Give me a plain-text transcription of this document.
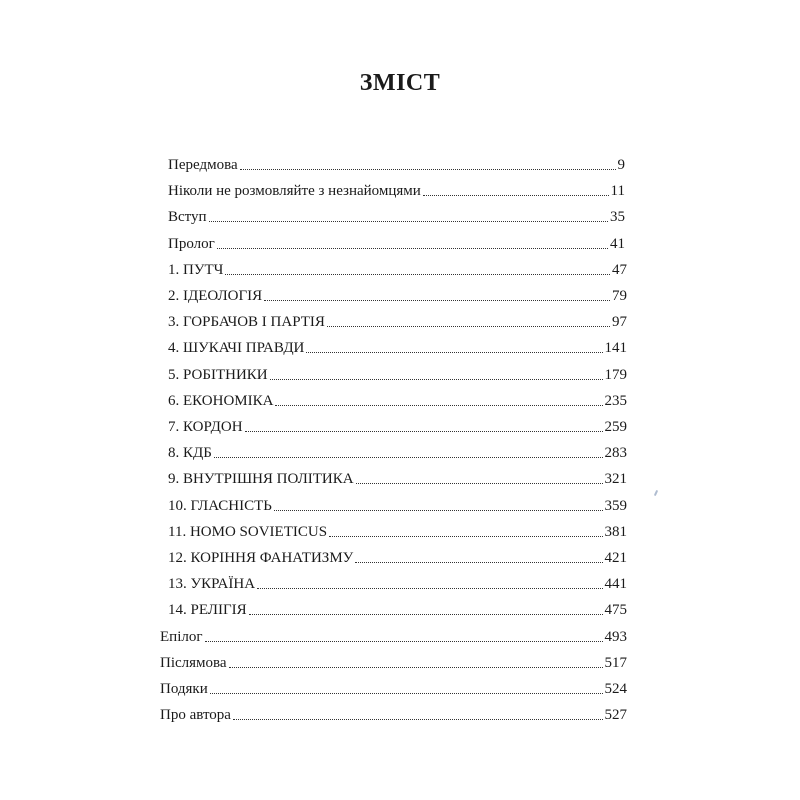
ЗМІСТ
Передмова	9
Ніколи не розмовляйте з незнайомцями	11
Вступ	35
Пролог	41
1. ПУТЧ	47
2. ІДЕОЛОГІЯ	79
3. ГОРБАЧОВ І ПАРТІЯ	97
4. ШУКАЧІ ПРАВДИ	141
5. РОБІТНИКИ	179
6. ЕКОНОМІКА	235
7. КОРДОН	259
8. КДБ	283
9. ВНУТРІШНЯ ПОЛІТИКА	321
10. ГЛАСНІСТЬ	359
11. HOMO SOVIETICUS	381
12. КОРІННЯ ФАНАТИЗМУ	421
13. УКРАЇНА	441
14. РЕЛІГІЯ	475
Епілог	493
Післямова	517
Подяки	524
Про автора	527
